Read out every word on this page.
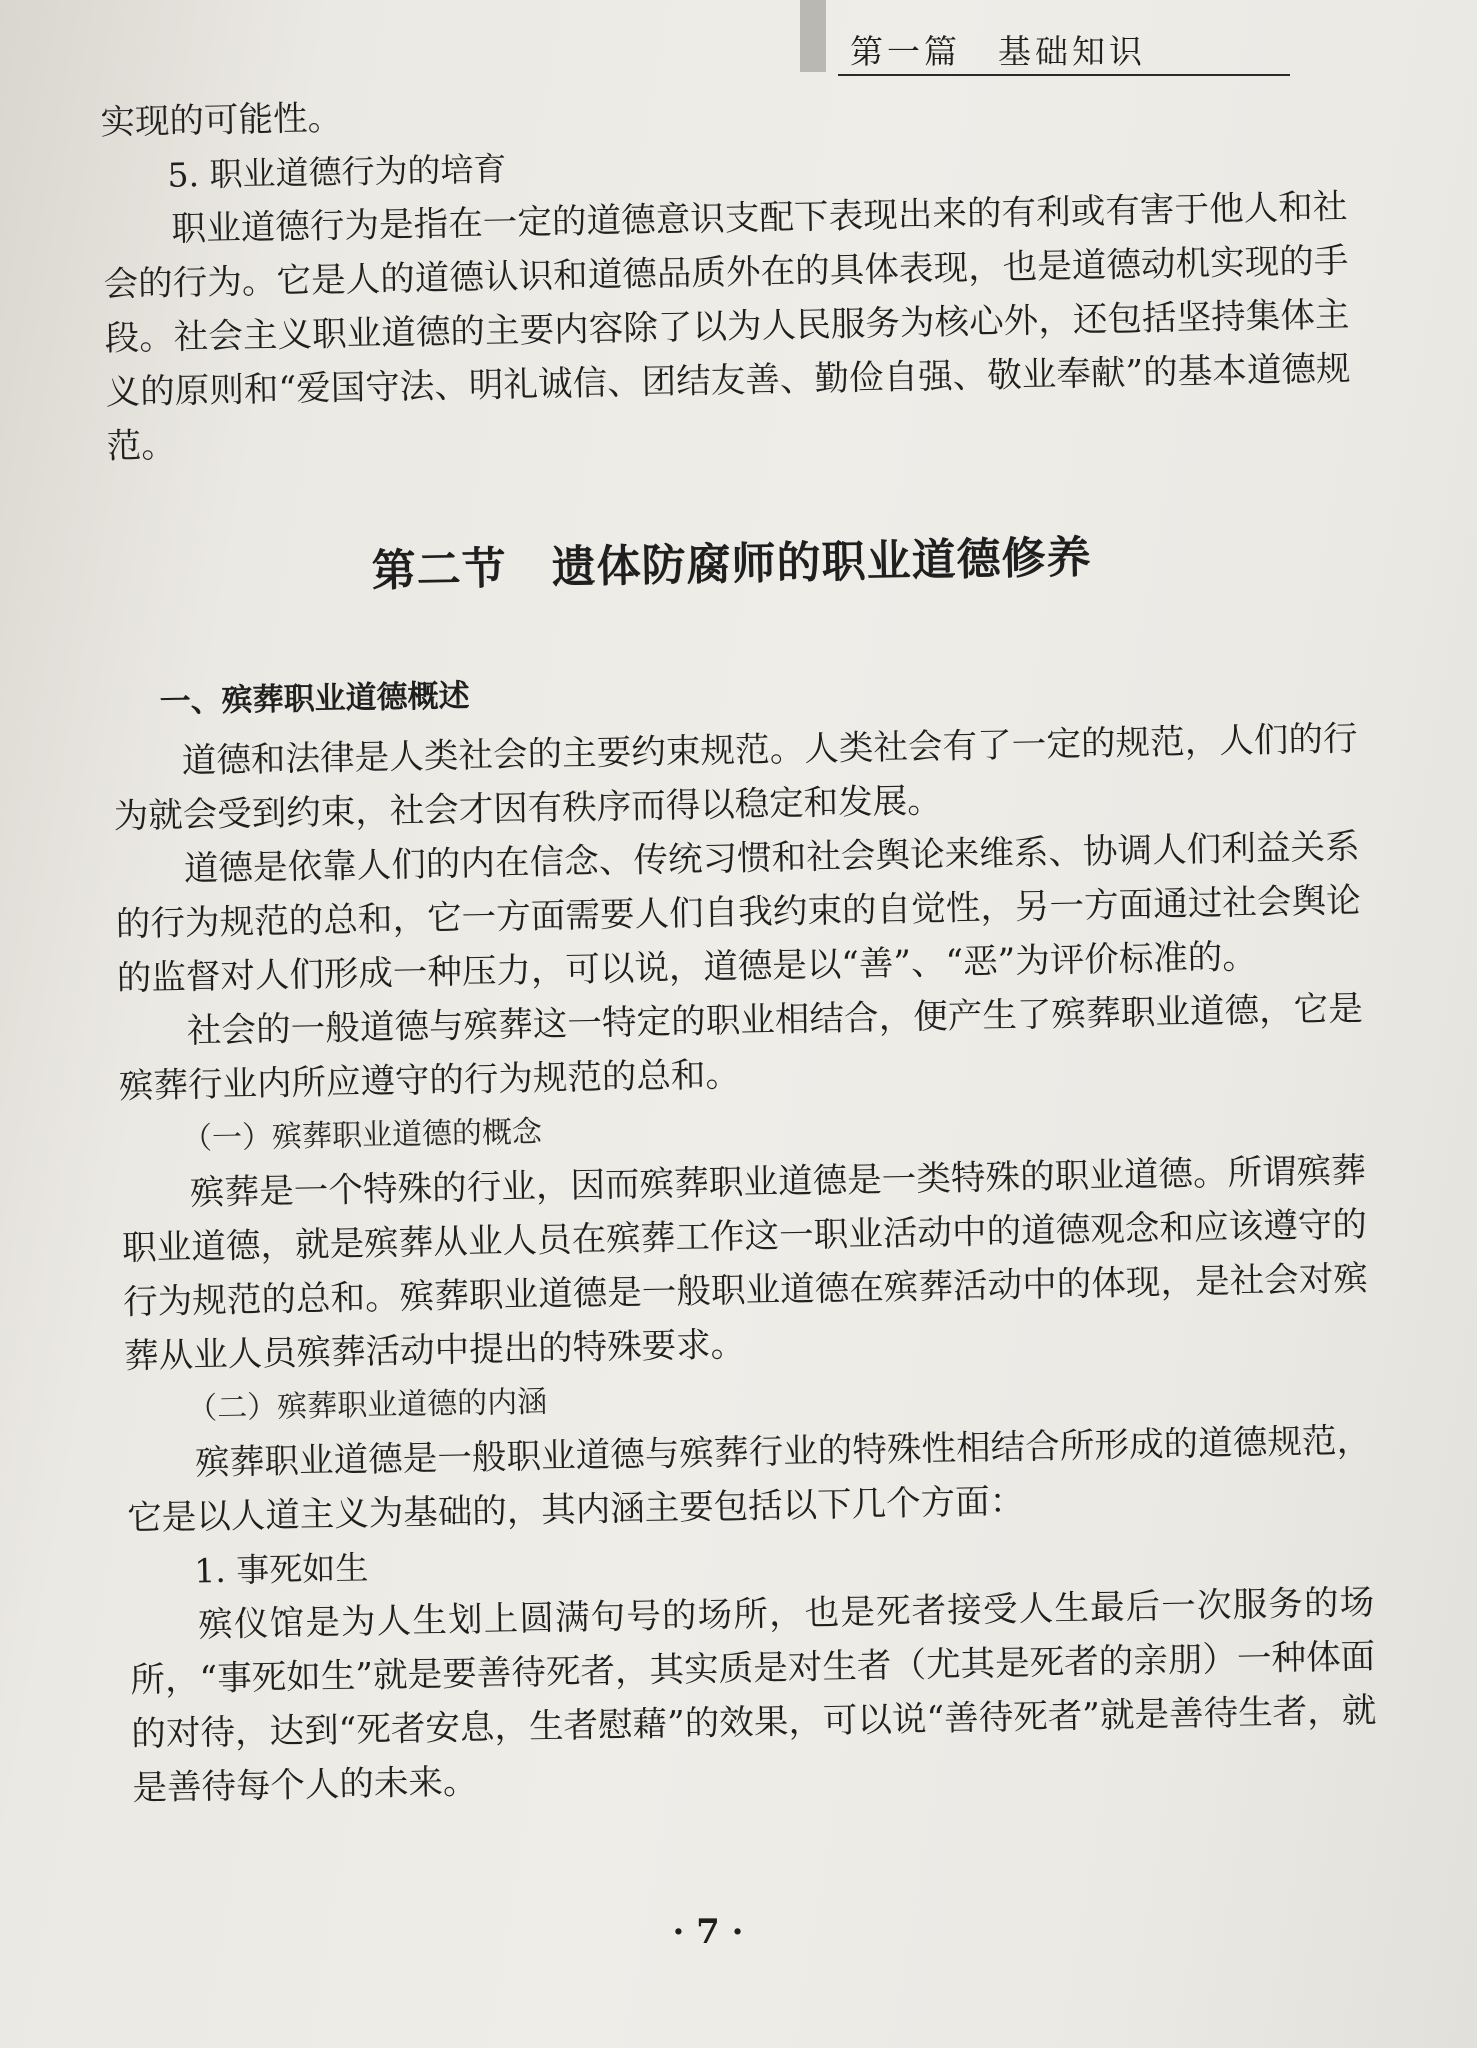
第一篇　基础知识

实现的可能性。

5. 职业道德行为的培育

职业道德行为是指在一定的道德意识支配下表现出来的有利或有害于他人和社会的行为。它是人的道德认识和道德品质外在的具体表现，也是道德动机实现的手段。社会主义职业道德的主要内容除了以为人民服务为核心外，还包括坚持集体主义的原则和“爱国守法、明礼诚信、团结友善、勤俭自强、敬业奉献”的基本道德规范。

第二节　遗体防腐师的职业道德修养
一、殡葬职业道德概述

道德和法律是人类社会的主要约束规范。人类社会有了一定的规范，人们的行为就会受到约束，社会才因有秩序而得以稳定和发展。

道德是依靠人们的内在信念、传统习惯和社会舆论来维系、协调人们利益关系的行为规范的总和，它一方面需要人们自我约束的自觉性，另一方面通过社会舆论的监督对人们形成一种压力，可以说，道德是以“善”、“恶”为评价标准的。

社会的一般道德与殡葬这一特定的职业相结合，便产生了殡葬职业道德，它是殡葬行业内所应遵守的行为规范的总和。

（一）殡葬职业道德的概念

殡葬是一个特殊的行业，因而殡葬职业道德是一类特殊的职业道德。所谓殡葬职业道德，就是殡葬从业人员在殡葬工作这一职业活动中的道德观念和应该遵守的行为规范的总和。殡葬职业道德是一般职业道德在殡葬活动中的体现，是社会对殡葬从业人员殡葬活动中提出的特殊要求。

（二）殡葬职业道德的内涵

殡葬职业道德是一般职业道德与殡葬行业的特殊性相结合所形成的道德规范，它是以人道主义为基础的，其内涵主要包括以下几个方面：

1. 事死如生

殡仪馆是为人生划上圆满句号的场所，也是死者接受人生最后一次服务的场所，“事死如生”就是要善待死者，其实质是对生者（尤其是死者的亲朋）一种体面的对待，达到“死者安息，生者慰藉”的效果，可以说“善待死者”就是善待生者，就是善待每个人的未来。

· 7 ·
